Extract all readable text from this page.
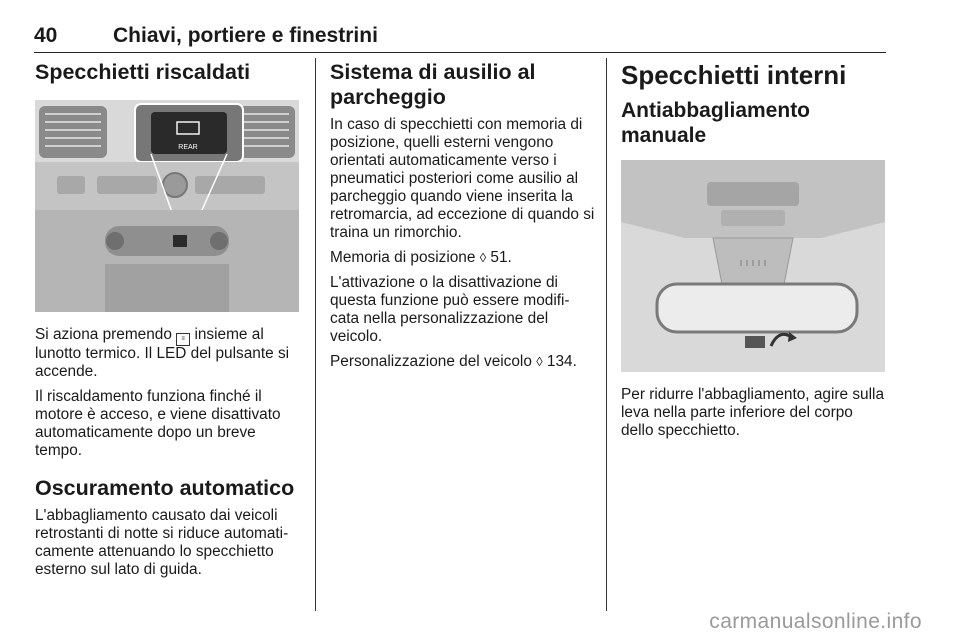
40	Chiavi, portiere e finestrini
Specchietti riscaldati
REAR

Si aziona premendo ≡ insieme al lunotto termico. Il LED del pulsante si accende.

Il riscaldamento funziona finché il motore è acceso, e viene disattivato automaticamente dopo un breve tempo.

Oscuramento automatico

L'abbagliamento causato dai veicoli retrostanti di notte si riduce automati-camente attenuando lo specchietto esterno sul lato di guida.

Sistema di ausilio al parcheggio

In caso di specchietti con memoria di posizione, quelli esterni vengono orientati automaticamente verso i pneumatici posteriori come ausilio al parcheggio quando viene inserita la retromarcia, ad eccezione di quando si traina un rimorchio.

Memoria di posizione ◊ 51.

L'attivazione o la disattivazione di questa funzione può essere modifi-cata nella personalizzazione del veicolo.

Personalizzazione del veicolo ◊ 134.

Specchietti interni
Antiabbagliamento manuale

Per ridurre l'abbagliamento, agire sulla leva nella parte inferiore del corpo dello specchietto.

carmanualsonline.info
